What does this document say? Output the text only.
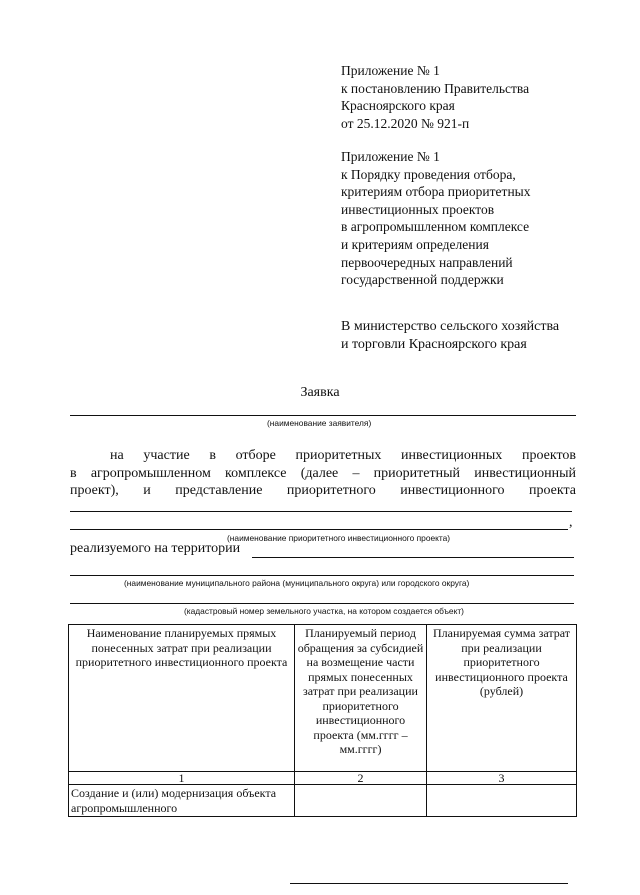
Приложение № 1
к постановлению Правительства
Красноярского края
от 25.12.2020 № 921-п
Приложение № 1
к Порядку проведения отбора,
критериям отбора приоритетных
инвестиционных проектов
в агропромышленном комплексе
и критериям определения
первоочередных направлений
государственной поддержки
В министерство сельского хозяйства
и торговли Красноярского края
Заявка
(наименование заявителя)
на участие в отборе приоритетных инвестиционных проектов
в агропромышленном комплексе (далее – приоритетный инвестиционный
проект), и представление приоритетного инвестиционного проекта
,
(наименование приоритетного инвестиционного проекта)
реализуемого на территории
(наименование муниципального района (муниципального округа) или городского округа)
(кадастровый номер земельного участка, на котором создается объект)
Наименование планируемых прямых понесенных затрат при реализации приоритетного инвестиционного проекта	Планируемый период обращения за субсидией на возмещение части прямых понесенных затрат при реализации приоритетного инвестиционного проекта (мм.гггг – мм.гггг)	Планируемая сумма затрат при реализации приоритетного инвестиционного проекта (рублей)
1	2	3
Создание и (или) модернизация объекта агропромышленного		
